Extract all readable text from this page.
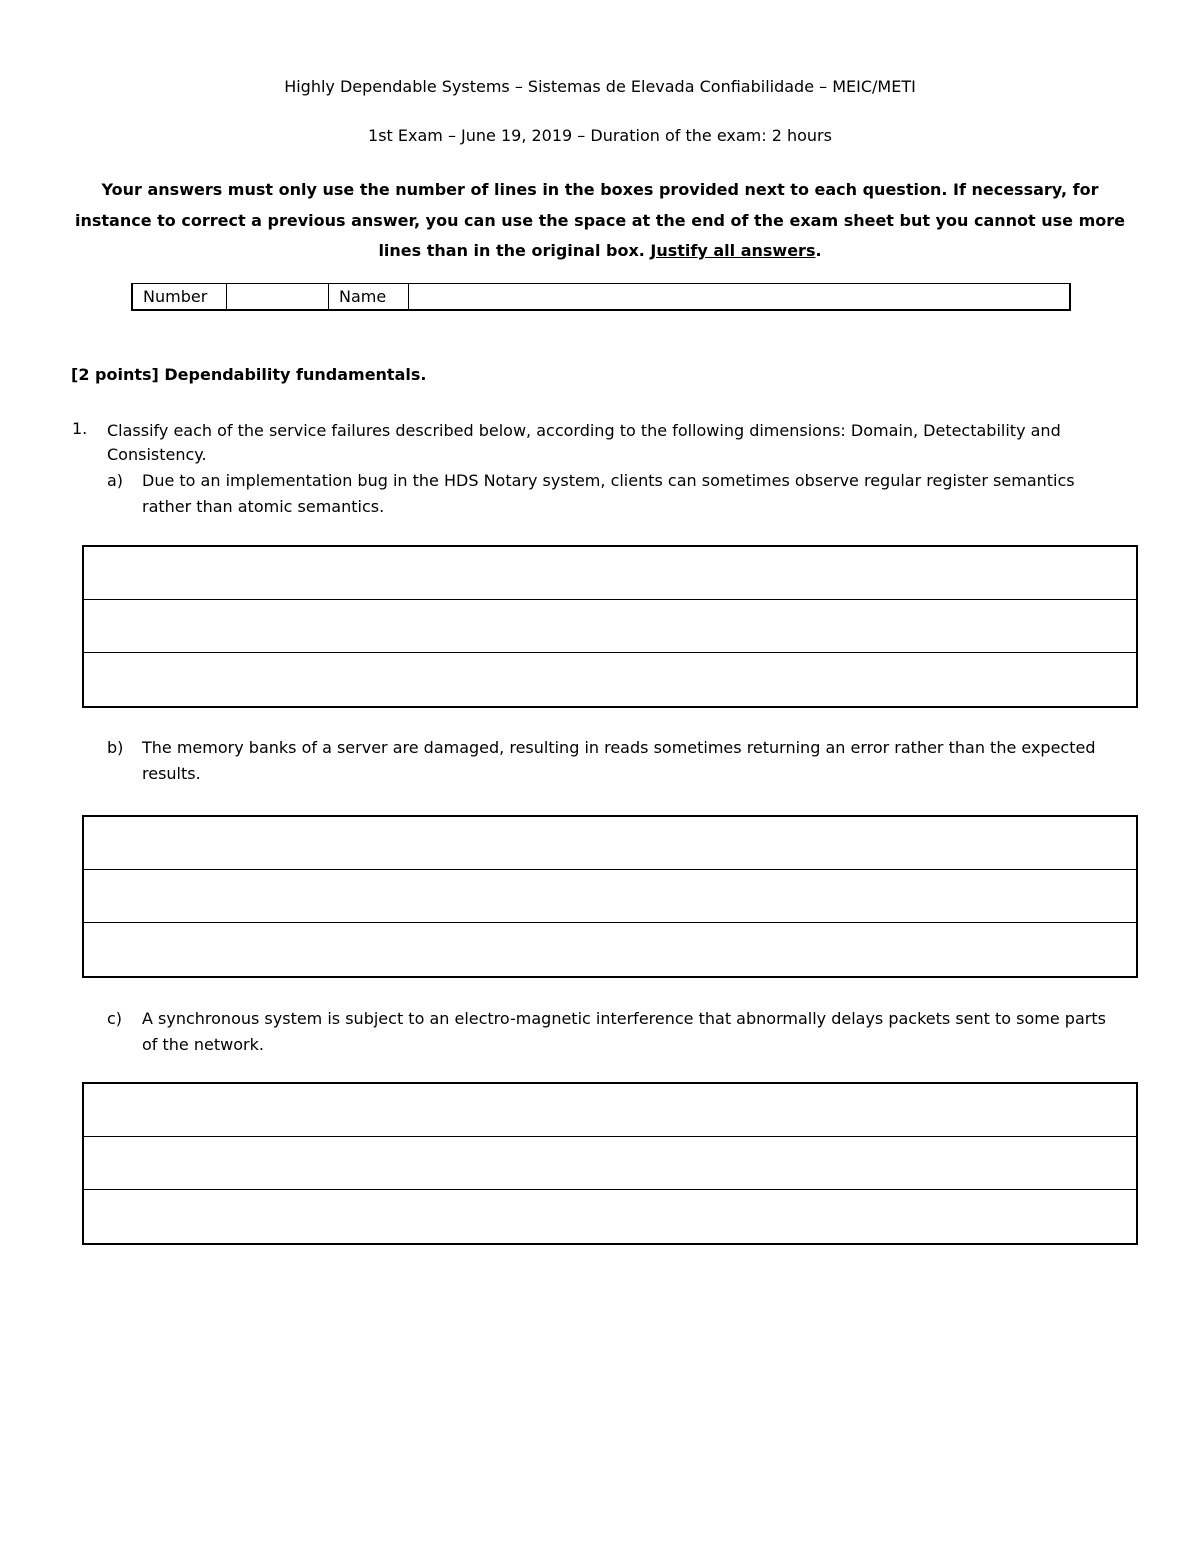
Highly Dependable Systems – Sistemas de Elevada Confiabilidade – MEIC/METI
1st Exam – June 19, 2019 – Duration of the exam: 2 hours
Your answers must only use the number of lines in the boxes provided next to each question. If necessary, for instance to correct a previous answer, you can use the space at the end of the exam sheet but you cannot use more lines than in the original box. Justify all answers.
Number	Name
[2 points] Dependability fundamentals.
1. Classify each of the service failures described below, according to the following dimensions: Domain, Detectability and Consistency.
a) Due to an implementation bug in the HDS Notary system, clients can sometimes observe regular register semantics rather than atomic semantics.
b) The memory banks of a server are damaged, resulting in reads sometimes returning an error rather than the expected results.
c) A synchronous system is subject to an electro-magnetic interference that abnormally delays packets sent to some parts of the network.
